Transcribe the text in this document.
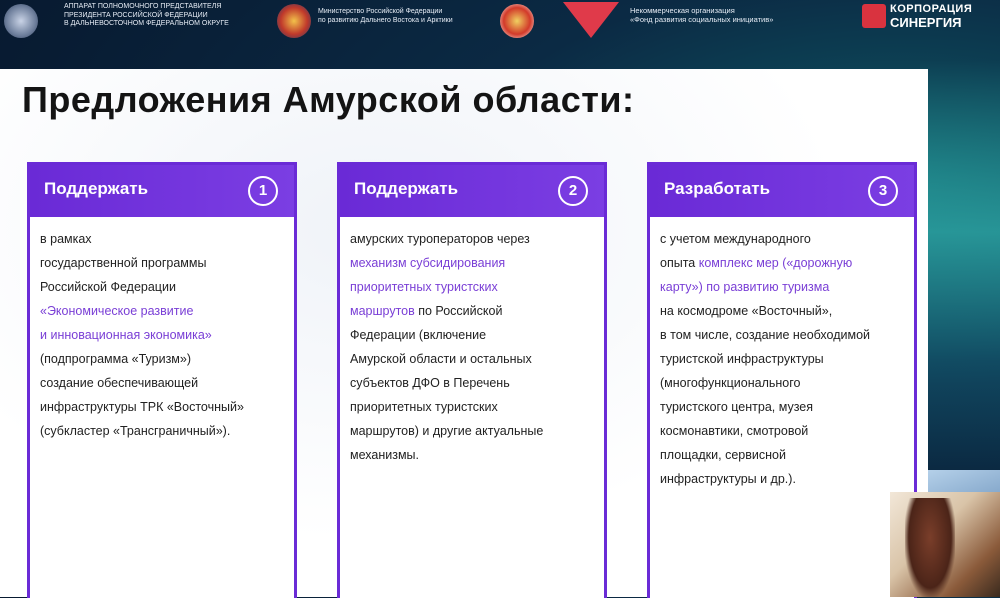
АППАРАТ ПОЛНОМОЧНОГО ПРЕДСТАВИТЕЛЯ
ПРЕЗИДЕНТА РОССИЙСКОЙ ФЕДЕРАЦИИ
В ДАЛЬНЕВОСТОЧНОМ ФЕДЕРАЛЬНОМ ОКРУГЕ
Министерство Российской Федерации
по развитию Дальнего Востока и Арктики
Некоммерческая организация
«Фонд развития социальных инициатив»
КОРПОРАЦИЯ
СИНЕРГИЯ
Предложения Амурской области:
Поддержать	1
в рамках
государственной программы
Российской Федерации
«Экономическое развитие
и инновационная экономика»
(подпрограмма «Туризм»)
создание обеспечивающей
инфраструктуры ТРК «Восточный»
(субкластер «Трансграничный»).
Поддержать	2
амурских туроператоров через
механизм субсидирования
приоритетных туристских
маршрутов по Российской
Федерации (включение
Амурской области и остальных
субъектов ДФО в Перечень
приоритетных туристских
маршрутов) и другие актуальные
механизмы.
Разработать	3
с учетом международного
опыта комплекс мер («дорожную
карту») по развитию туризма
на космодроме «Восточный»,
в том числе, создание необходимой
туристской инфраструктуры
(многофункционального
туристского центра, музея
космонавтики, смотровой
площадки, сервисной
инфраструктуры и др.).
